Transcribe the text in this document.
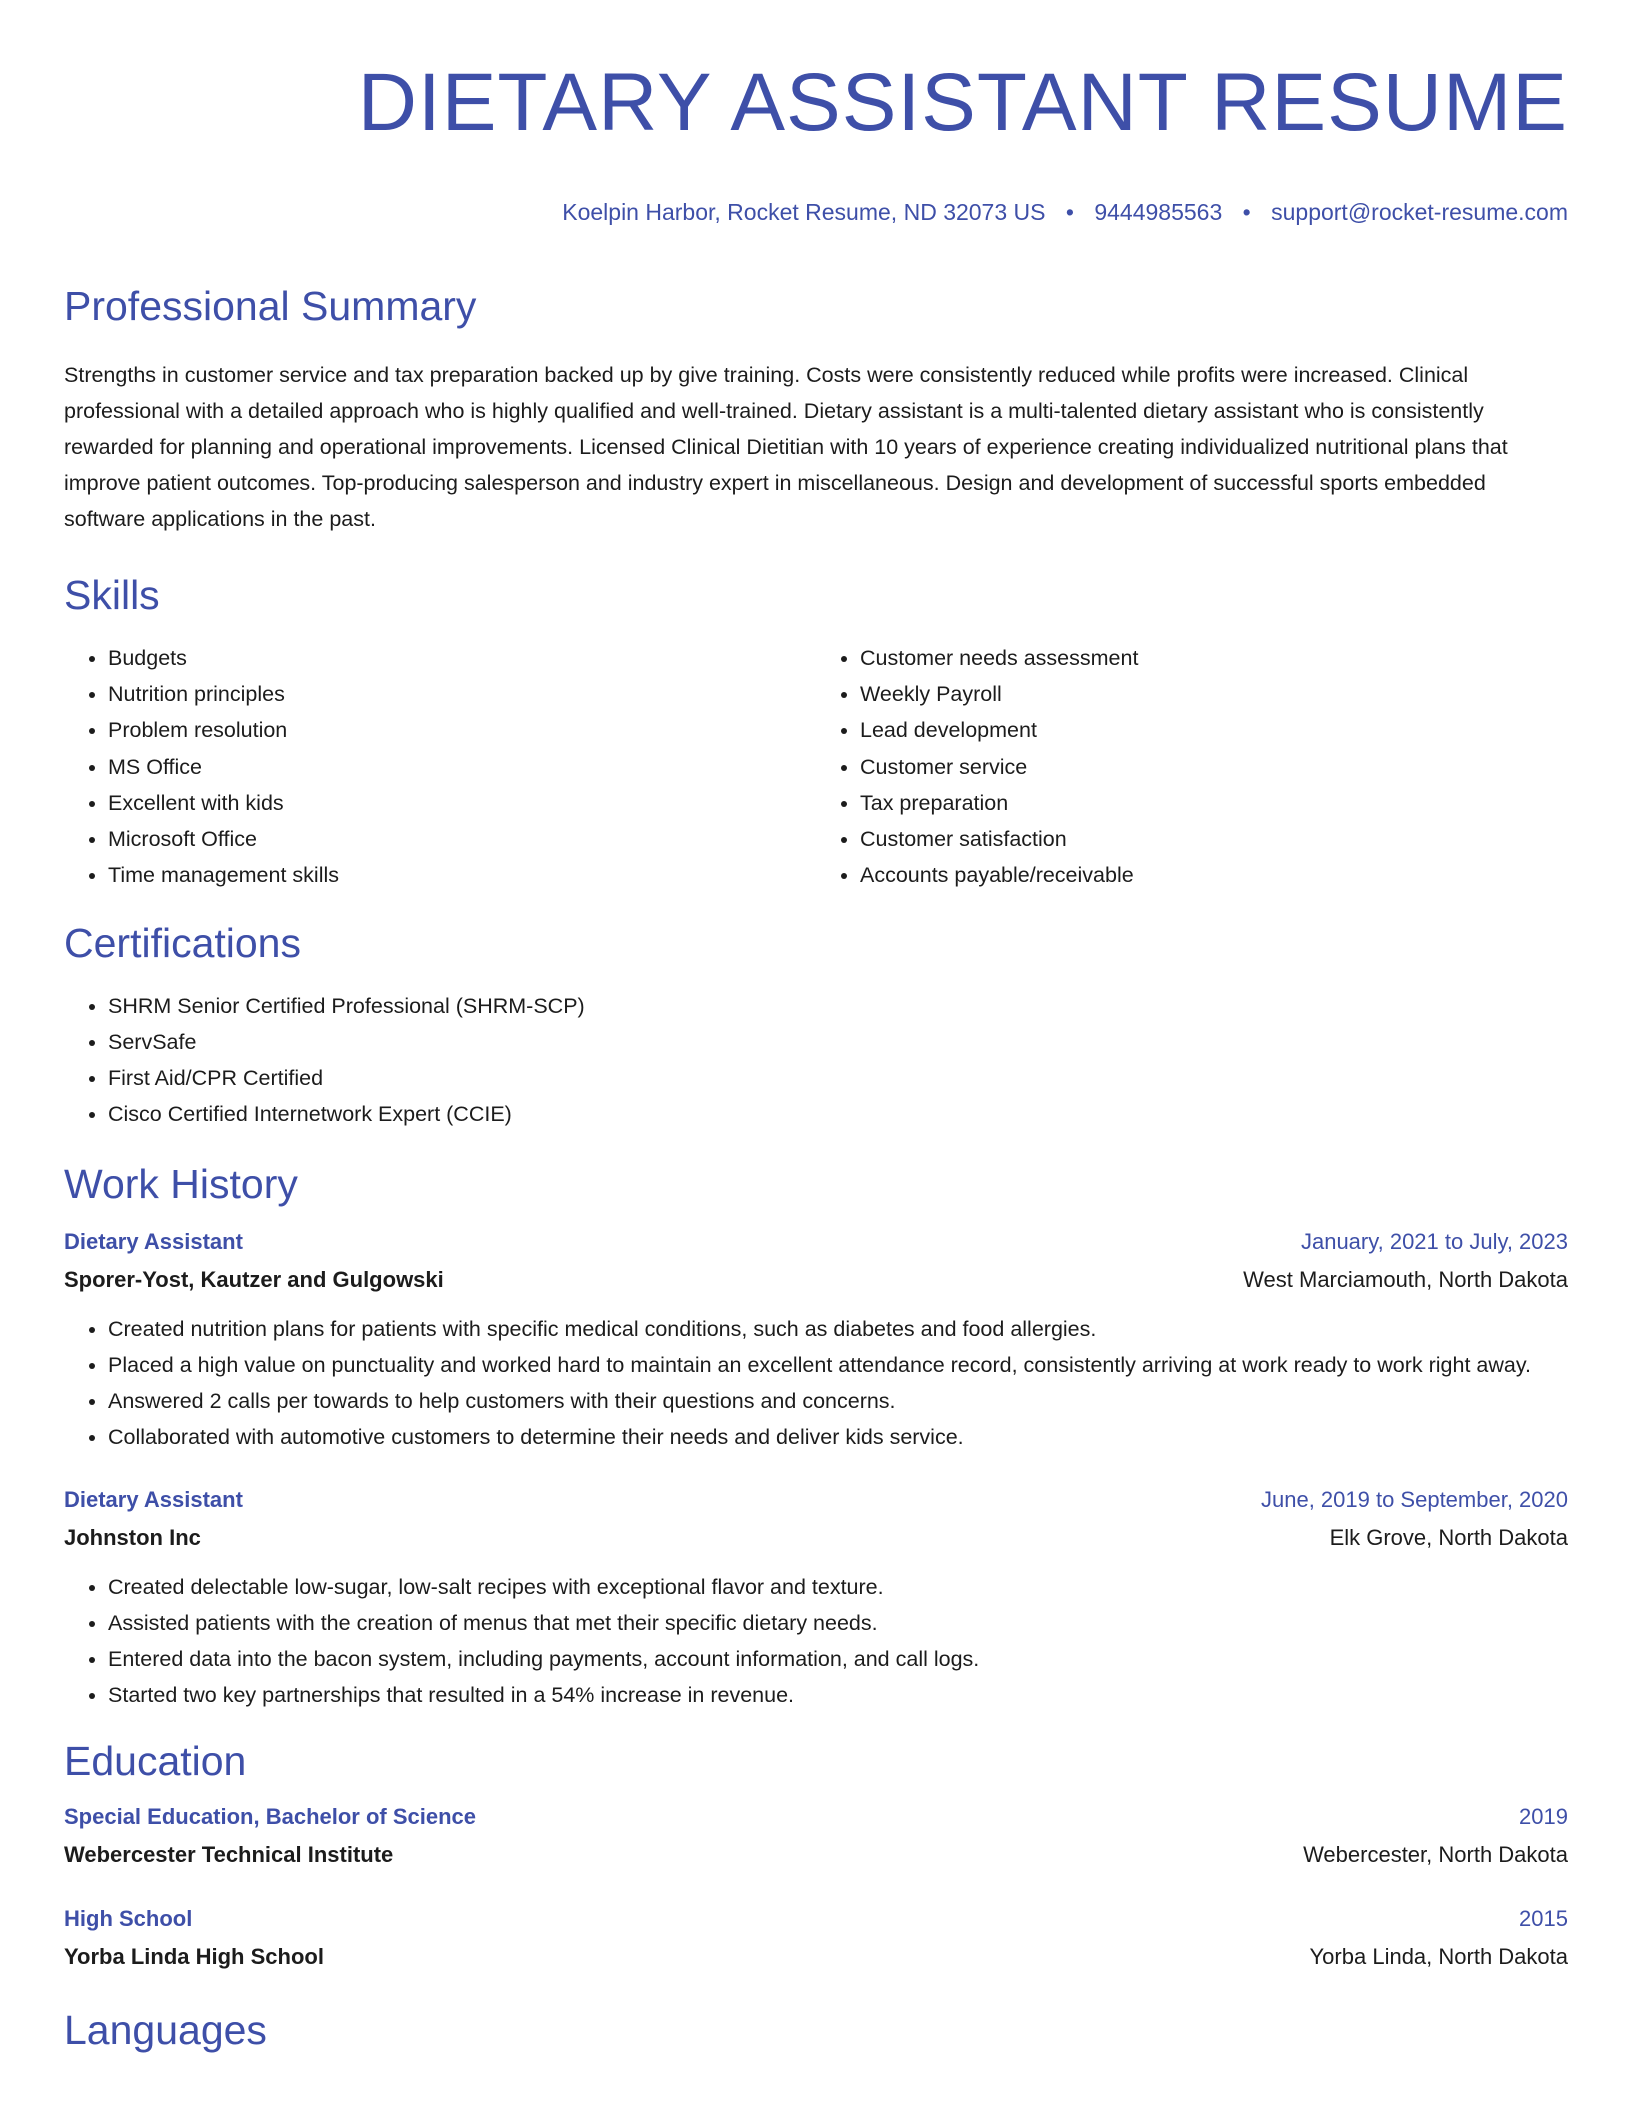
DIETARY ASSISTANT RESUME
Koelpin Harbor, Rocket Resume, ND 32073 US • 9444985563 • support@rocket-resume.com
Professional Summary

Strengths in customer service and tax preparation backed up by give training. Costs were consistently reduced while profits were increased. Clinical professional with a detailed approach who is highly qualified and well-trained. Dietary assistant is a multi-talented dietary assistant who is consistently rewarded for planning and operational improvements. Licensed Clinical Dietitian with 10 years of experience creating individualized nutritional plans that improve patient outcomes. Top-producing salesperson and industry expert in miscellaneous. Design and development of successful sports embedded software applications in the past.

Skills
• Budgets
• Nutrition principles
• Problem resolution
• MS Office
• Excellent with kids
• Microsoft Office
• Time management skills
• Customer needs assessment
• Weekly Payroll
• Lead development
• Customer service
• Tax preparation
• Customer satisfaction
• Accounts payable/receivable
Certifications
• SHRM Senior Certified Professional (SHRM-SCP)
• ServSafe
• First Aid/CPR Certified
• Cisco Certified Internetwork Expert (CCIE)
Work History
Dietary Assistant	January, 2021 to July, 2023
Sporer-Yost, Kautzer and Gulgowski	West Marciamouth, North Dakota
• Created nutrition plans for patients with specific medical conditions, such as diabetes and food allergies.
• Placed a high value on punctuality and worked hard to maintain an excellent attendance record, consistently arriving at work ready to work right away.
• Answered 2 calls per towards to help customers with their questions and concerns.
• Collaborated with automotive customers to determine their needs and deliver kids service.
Dietary Assistant	June, 2019 to September, 2020
Johnston Inc	Elk Grove, North Dakota
• Created delectable low-sugar, low-salt recipes with exceptional flavor and texture.
• Assisted patients with the creation of menus that met their specific dietary needs.
• Entered data into the bacon system, including payments, account information, and call logs.
• Started two key partnerships that resulted in a 54% increase in revenue.
Education
Special Education, Bachelor of Science	2019
Webercester Technical Institute	Webercester, North Dakota
High School	2015
Yorba Linda High School	Yorba Linda, North Dakota
Languages
